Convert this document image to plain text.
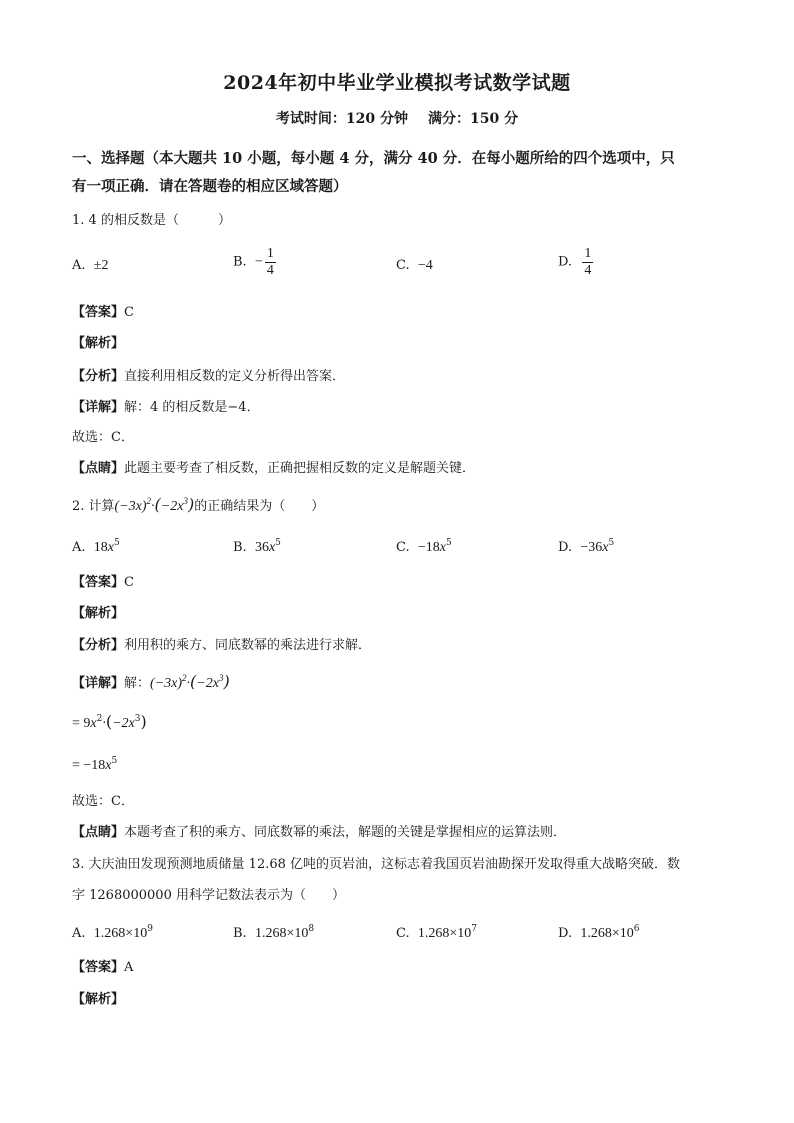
2024年初中毕业学业模拟考试数学试题
考试时间：120 分钟 满分：150 分
一、选择题（本大题共 10 小题，每小题 4 分，满分 40 分．在每小题所给的四个选项中，只
有一项正确．请在答题卷的相应区域答题）
1. 4 的相反数是（　　　）
A. ±2	B. − $\frac{1}{4}$	C. −4	D. $\frac{1}{4}$
【答案】C
【解析】
【分析】直接利用相反数的定义分析得出答案．
【详解】解：4 的相反数是−4．
故选：C．
【点睛】此题主要考查了相反数，正确把握相反数的定义是解题关键．
2. 计算$(-3x)^2\cdot(-2x^3)$的正确结果为（　　）
A. $18x^5$	B. $36x^5$	C. $-18x^5$	D. $-36x^5$
【答案】C
【解析】
【分析】利用积的乘方、同底数幂的乘法进行求解．
【详解】解：$(-3x)^2\cdot(-2x^3)$
= $9x^2\cdot(-2x^3)$
= $-18x^5$
故选：C．
【点睛】本题考查了积的乘方、同底数幂的乘法，解题的关键是掌握相应的运算法则．
3. 大庆油田发现预测地质储量 12.68 亿吨的页岩油，这标志着我国页岩油勘探开发取得重大战略突破．数
字 1268000000 用科学记数法表示为（　　）
A. $1.268\times 10^9$	B. $1.268\times 10^8$	C. $1.268\times 10^7$	D. $1.268\times 10^6$
【答案】A
【解析】
